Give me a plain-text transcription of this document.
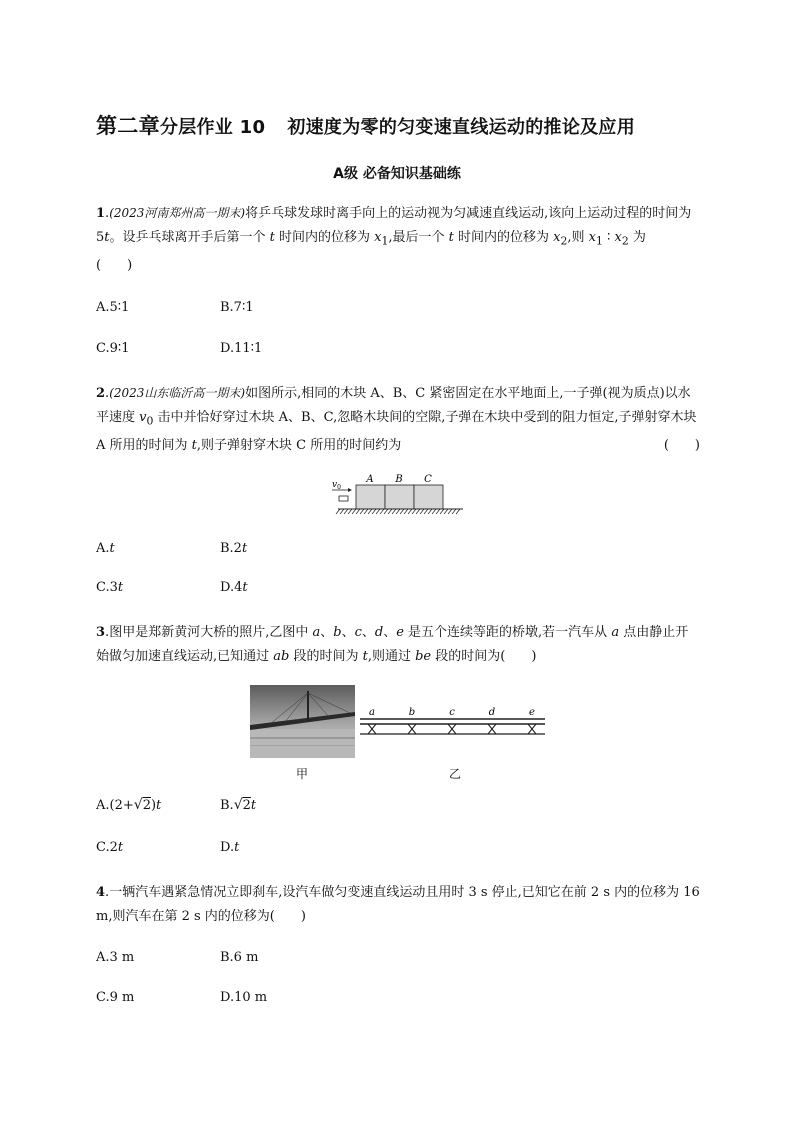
第二章分层作业 10 初速度为零的匀变速直线运动的推论及应用
A级 必备知识基础练
1.(2023河南郑州高一期末)将乒乓球发球时离手向上的运动视为匀减速直线运动,该向上运动过程的时间为 5t。设乒乓球离开手后第一个 t 时间内的位移为 $x_1$,最后一个 t 时间内的位移为 $x_2$,则 $x_1$ ∶ $x_2$ 为
(　　)
A.5∶1	B.7∶1
C.9∶1	D.11∶1
2.(2023山东临沂高一期末)如图所示,相同的木块 A、B、C 紧密固定在水平地面上,一子弹(视为质点)以水平速度 $v_0$ 击中并恰好穿过木块 A、B、C,忽略木块间的空隙,子弹在木块中受到的阻力恒定,子弹射穿木块 A 所用的时间为 t,则子弹射穿木块 C 所用的时间约为	(　　)
$v_0$
A B C
A.t	B.2t
C.3t	D.4t
3.图甲是郑新黄河大桥的照片,乙图中 a、b、c、d、e 是五个连续等距的桥墩,若一汽车从 a 点由静止开始做匀加速直线运动,已知通过 ab 段的时间为 t,则通过 be 段的时间为(　　)
甲
a	b	c	d	e
乙
A.(2+√2)t	B.√2t
C.2t	D.t
4.一辆汽车遇紧急情况立即刹车,设汽车做匀变速直线运动且用时 3 s 停止,已知它在前 2 s 内的位移为 16 m,则汽车在第 2 s 内的位移为(　　)
A.3 m	B.6 m
C.9 m	D.10 m
